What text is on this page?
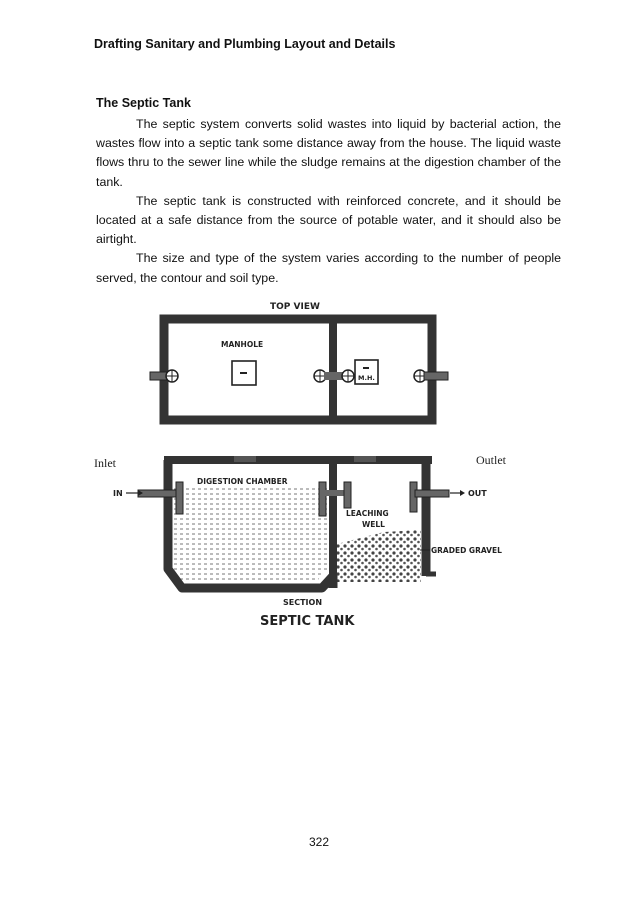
Drafting Sanitary and Plumbing Layout and Details
The Septic Tank

The septic system converts solid wastes into liquid by bacterial action, the wastes flow into a septic tank some distance away from the house. The liquid waste flows thru to the sewer line while the sludge remains at the digestion chamber of the tank.

The septic tank is constructed with reinforced concrete, and it should be located at a safe distance from the source of potable water, and it should also be airtight.

The size and type of the system varies according to the number of people served, the contour and soil type.

Inlet	Outlet
TOP VIEW
MANHOLE
M.H.
IN	OUT
DIGESTION CHAMBER
LEACHING
WELL
GRADED GRAVEL
SECTION
SEPTIC TANK
322
